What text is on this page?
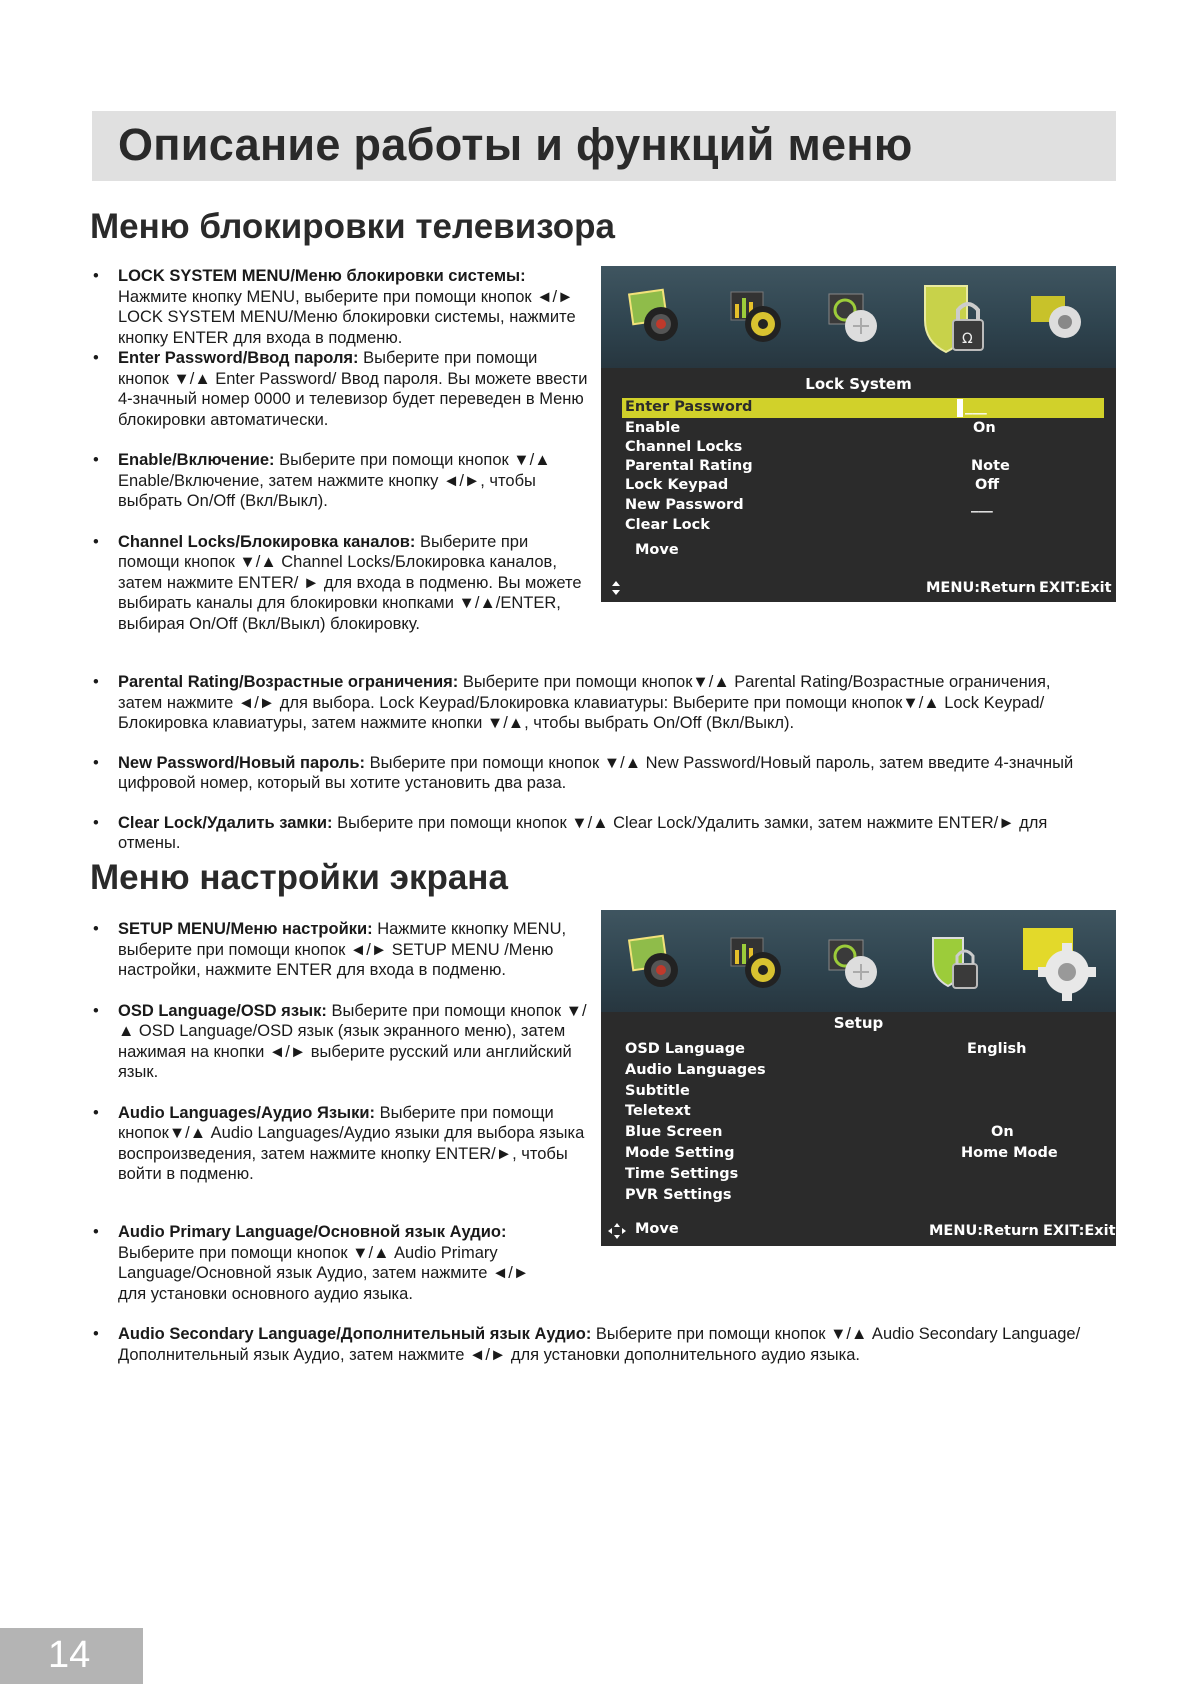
Описание работы и функций меню
Меню блокировки телевизора
• LOCK SYSTEM MENU/Меню блокировки системы:
Нажмите кнопку MENU, выберите при помощи кнопок ◄/► LOCK SYSTEM MENU/Меню блокировки системы, нажмите кнопку ENTER для входа в подменю.
• Enter Password/Ввод пароля: Выберите при помощи кнопок ▼/▲ Enter Password/ Ввод пароля. Вы можете ввести 4-значный номер 0000 и телевизор будет переведен в Меню блокировки автоматически.
• Enable/Включение: Выберите при помощи кнопок ▼/▲ Enable/Включение, затем нажмите кнопку ◄/►, чтобы выбрать On/Off (Вкл/Выкл).
• Channel Locks/Блокировка каналов: Выберите при помощи кнопок ▼/▲ Channel Locks/Блокировка каналов, затем нажмите ENTER/ ► для входа в подменю. Вы можете выбирать каналы для блокировки кнопками ▼/▲/ENTER, выбирая On/Off (Вкл/Выкл) блокировку.
• Parental Rating/Возрастные ограничения: Выберите при помощи кнопок▼/▲ Parental Rating/Возрастные ограничения, затем нажмите ◄/► для выбора. Lock Keypad/Блокировка клавиатуры: Выберите при помощи кнопок▼/▲ Lock Keypad/ Блокировка клавиатуры, затем нажмите кнопки ▼/▲, чтобы выбрать On/Off (Вкл/Выкл).
• New Password/Новый пароль: Выберите при помощи кнопок ▼/▲ New Password/Новый пароль, затем введите 4-значный цифровой номер, который вы хотите установить два раза.
• Clear Lock/Удалить замки: Выберите при помощи кнопок ▼/▲ Clear Lock/Удалить замки, затем нажмите ENTER/► для отмены.
Ω
Lock System
Enter Password	___
Enable	On
Channel Locks
Parental Rating	Note
Lock Keypad	Off
New Password	___
Clear Lock
Move
MENU:Return EXIT:Exit
Меню настройки экрана
• SETUP MENU/Меню настройки: Нажмите ккнопку MENU, выберите при помощи кнопок ◄/► SETUP MENU /Меню настройки, нажмите ENTER для входа в подменю.
• OSD Language/OSD язык: Выберите при помощи кнопок ▼/▲ OSD Language/OSD язык (язык экранного меню), затем нажимая на кнопки ◄/► выберите русский или английский язык.
• Audio Languages/Аудио Языки: Выберите при помощи кнопок▼/▲ Audio Languages/Аудио языки для выбора языка воспроизведения, затем нажмите кнопку ENTER/►, чтобы войти в подменю.
• Audio Primary Language/Основной язык Аудио:
Выберите при помощи кнопок ▼/▲ Audio Primary Language/Основной язык Аудио, затем нажмите ◄/► для установки основного аудио языка.
• Audio Secondary Language/Дополнительный язык Аудио: Выберите при помощи кнопок ▼/▲ Audio Secondary Language/Дополнительный язык Аудио, затем нажмите ◄/► для установки дополнительного аудио языка.
Setup
OSD Language	English
Audio Languages
Subtitle
Teletext
Blue Screen	On
Mode Setting	Home Mode
Time Settings
PVR Settings
Move	MENU:Return EXIT:Exit
14
